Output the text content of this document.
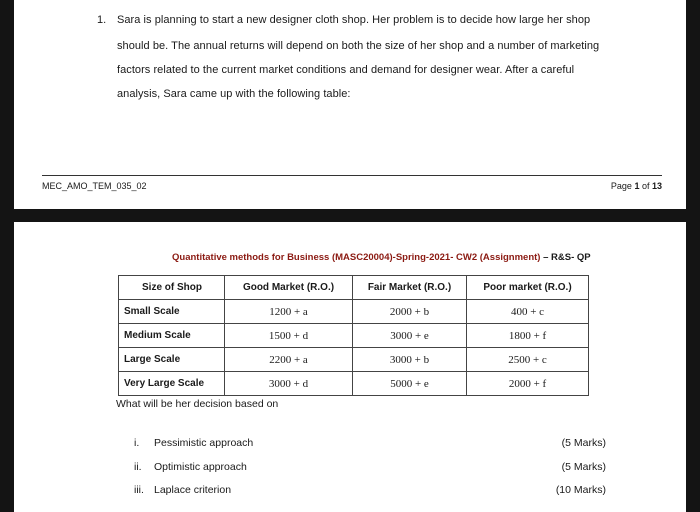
1. Sara is planning to start a new designer cloth shop. Her problem is to decide how large her shop
should be. The annual returns will depend on both the size of her shop and a number of marketing
factors related to the current market conditions and demand for designer wear. After a careful
analysis, Sara came up with the following table:
MEC_AMO_TEM_035_02	Page 1 of 13
Quantitative methods for Business (MASC20004)-Spring-2021- CW2 (Assignment) – R&S- QP
Size of Shop	Good Market (R.O.)	Fair Market (R.O.)	Poor market (R.O.)
Small Scale	1200 + a	2000 + b	400 + c
Medium Scale	1500 + d	3000 + e	1800 + f
Large Scale	2200 + a	3000 + b	2500 + c
Very Large Scale	3000 + d	5000 + e	2000 + f
What will be her decision based on
i. Pessimistic approach	(5 Marks)
ii. Optimistic approach	(5 Marks)
iii. Laplace criterion	(10 Marks)
